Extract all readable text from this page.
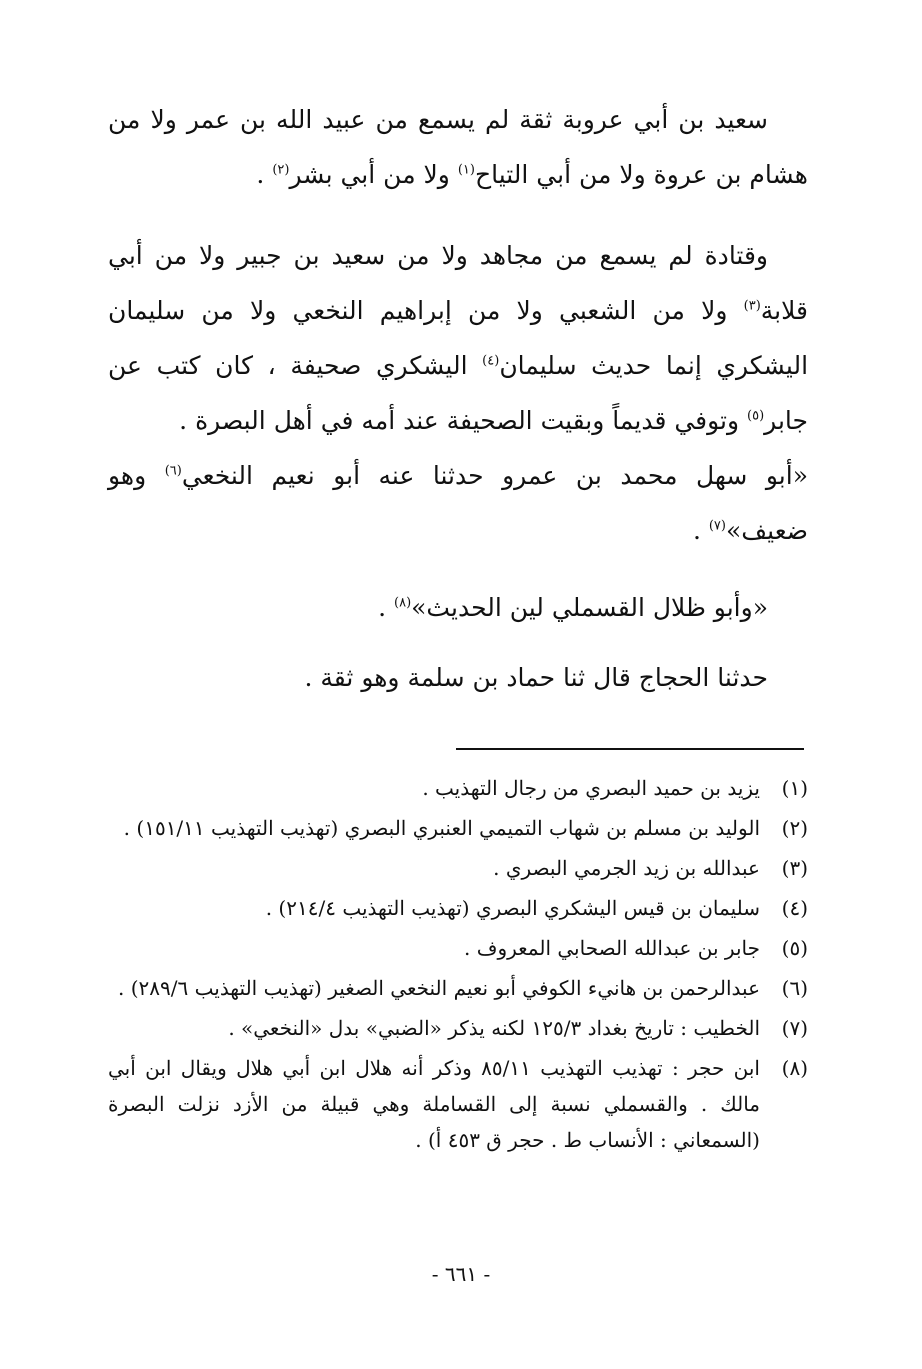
سعيد بن أبي عروبة ثقة لم يسمع من عبيد الله بن عمر ولا من هشام بن عروة ولا من أبي التياح$^{(١)}$ ولا من أبي بشر$^{(٢)}$ .

وقتادة لم يسمع من مجاهد ولا من سعيد بن جبير ولا من أبي قلابة$^{(٣)}$ ولا من الشعبي ولا من إبراهيم النخعي ولا من سليمان اليشكري إنما حديث سليمان$^{(٤)}$ اليشكري صحيفة ، كان كتب عن جابر$^{(٥)}$ وتوفي قديماً وبقيت الصحيفة عند أمه في أهل البصرة .

«أبو سهل محمد بن عمرو حدثنا عنه أبو نعيم النخعي$^{(٦)}$ وهو ضعيف»$^{(٧)}$ .

«وأبو ظلال القسملي لين الحديث»$^{(٨)}$ .

حدثنا الحجاج قال ثنا حماد بن سلمة وهو ثقة .

(١)
يزيد بن حميد البصري من رجال التهذيب .
(٢)
الوليد بن مسلم بن شهاب التميمي العنبري البصري (تهذيب التهذيب ١٥١/١١) .
(٣)
عبدالله بن زيد الجرمي البصري .
(٤)
سليمان بن قيس اليشكري البصري (تهذيب التهذيب ٢١٤/٤) .
(٥)
جابر بن عبدالله الصحابي المعروف .
(٦)
عبدالرحمن بن هانيء الكوفي أبو نعيم النخعي الصغير (تهذيب التهذيب ٢٨٩/٦) .
(٧)
الخطيب : تاريخ بغداد ١٢٥/٣ لكنه يذكر «الضبي» بدل «النخعي» .
(٨)
ابن حجر : تهذيب التهذيب ٨٥/١١ وذكر أنه هلال ابن أبي هلال ويقال ابن أبي مالك . والقسملي نسبة إلى القساملة وهي قبيلة من الأزد نزلت البصرة (السمعاني : الأنساب ط . حجر ق ٤٥٣ أ) .
- ٦٦١ -
